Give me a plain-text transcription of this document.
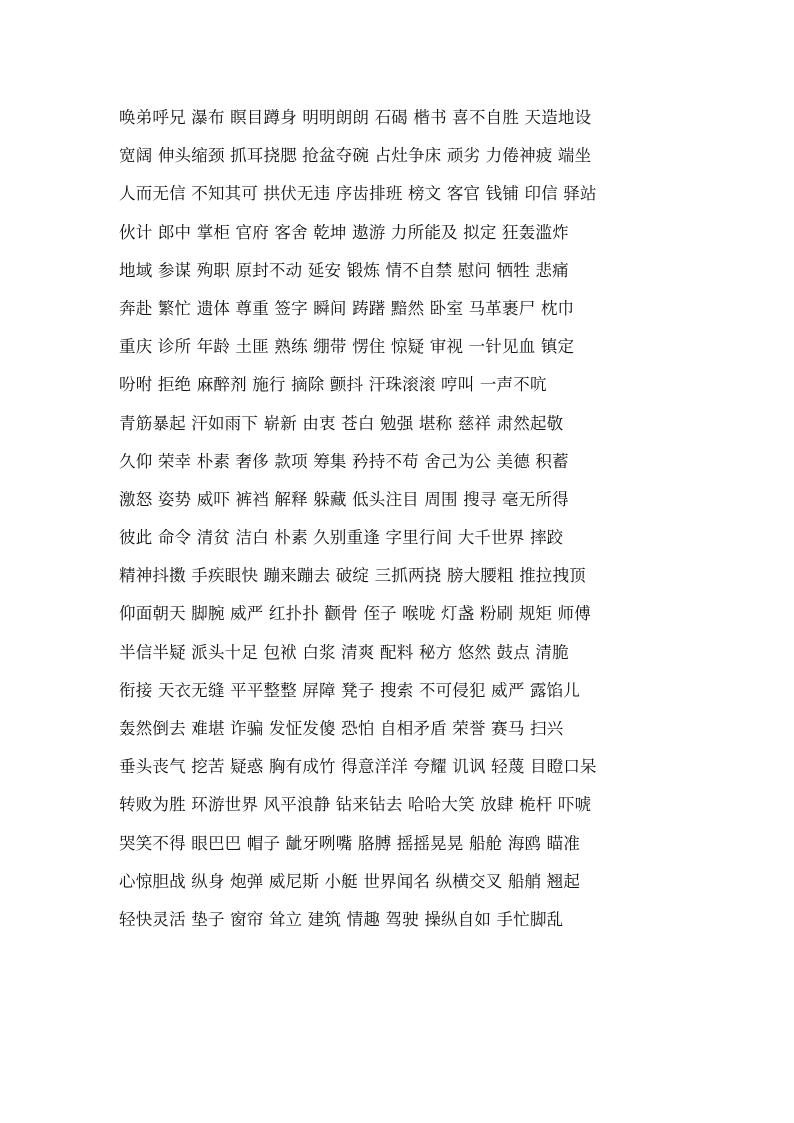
唤弟呼兄 瀑布 瞑目蹲身 明明朗朗 石碣 楷书 喜不自胜 天造地设
宽阔 伸头缩颈 抓耳挠腮 抢盆夺碗 占灶争床 顽劣 力倦神疲 端坐
人而无信 不知其可 拱伏无违 序齿排班 榜文 客官 钱铺 印信 驿站
伙计 郎中 掌柜 官府 客舍 乾坤 遨游 力所能及 拟定 狂轰滥炸
地域 参谋 殉职 原封不动 延安 锻炼 情不自禁 慰问 牺牲 悲痛
奔赴 繁忙 遗体 尊重 签字 瞬间 踌躇 黯然 卧室 马革裹尸 枕巾
重庆 诊所 年龄 土匪 熟练 绷带 愣住 惊疑 审视 一针见血 镇定
吩咐 拒绝 麻醉剂 施行 摘除 颤抖 汗珠滚滚 哼叫 一声不吭
青筋暴起 汗如雨下 崭新 由衷 苍白 勉强 堪称 慈祥 肃然起敬
久仰 荣幸 朴素 奢侈 款项 筹集 矜持不苟 舍己为公 美德 积蓄
激怒 姿势 威吓 裤裆 解释 躲藏 低头注目 周围 搜寻 毫无所得
彼此 命令 清贫 洁白 朴素 久别重逢 字里行间 大千世界 摔跤
精神抖擞 手疾眼快 蹦来蹦去 破绽 三抓两挠 膀大腰粗 推拉拽顶
仰面朝天 脚腕 威严 红扑扑 颧骨 侄子 喉咙 灯盏 粉刷 规矩 师傅
半信半疑 派头十足 包袱 白浆 清爽 配料 秘方 悠然 鼓点 清脆
衔接 天衣无缝 平平整整 屏障 凳子 搜索 不可侵犯 威严 露馅儿
轰然倒去 难堪 诈骗 发怔发傻 恐怕 自相矛盾 荣誉 赛马 扫兴
垂头丧气 挖苦 疑惑 胸有成竹 得意洋洋 夸耀 讥讽 轻蔑 目瞪口呆
转败为胜 环游世界 风平浪静 钻来钻去 哈哈大笑 放肆 桅杆 吓唬
哭笑不得 眼巴巴 帽子 龇牙咧嘴 胳膊 摇摇晃晃 船舱 海鸥 瞄准
心惊胆战 纵身 炮弹 威尼斯 小艇 世界闻名 纵横交叉 船艄 翘起
轻快灵活 垫子 窗帘 耸立 建筑 情趣 驾驶 操纵自如 手忙脚乱
